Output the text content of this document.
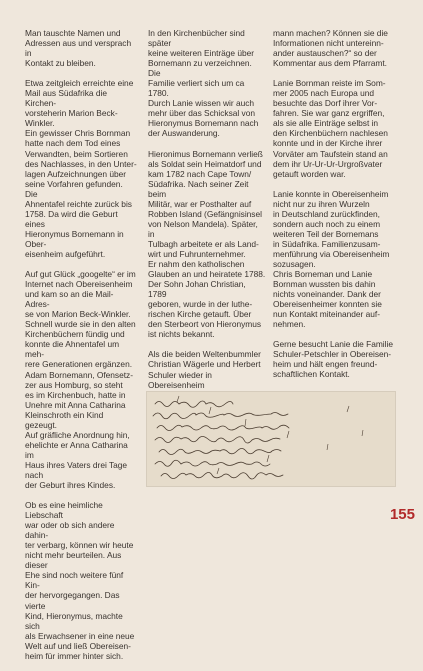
Man tauschte Namen und
Adressen aus und versprach in
Kontakt zu bleiben.

Etwa zeitgleich erreichte eine
Mail aus Südafrika die Kirchen-
vorsteherin Marion Beck-Winkler.
Ein gewisser Chris Bornman
hatte nach dem Tod eines
Verwandten, beim Sortieren
des Nachlasses, in den Unter-
lagen Aufzeichnungen über
seine Vorfahren gefunden. Die
Ahnentafel reichte zurück bis
1758. Da wird die Geburt eines
Hieronymus Bornemann in Ober-
eisenheim aufgeführt.

Auf gut Glück „googelte“ er im
Internet nach Obereisenheim
und kam so an die Mail-Adres-
se von Marion Beck-Winkler.
Schnell wurde sie in den alten
Kirchenbüchern fündig und
konnte die Ahnentafel um meh-
rere Generationen ergänzen.
Adam Bornemann, Ofensetz-
zer aus Homburg, so steht
es im Kirchenbuch, hatte in
Unehre mit Anna Catharina
Kleinschroth ein Kind gezeugt.
Auf gräfliche Anordnung hin,
ehelichte er Anna Catharina im
Haus ihres Vaters drei Tage nach
der Geburt ihres Kindes.

Ob es eine heimliche Liebschaft
war oder ob sich andere dahin-
ter verbarg, können wir heute
nicht mehr beurteilen. Aus dieser
Ehe sind noch weitere fünf Kin-
der hervorgegangen. Das vierte
Kind, Hieronymus, machte sich
als Erwachsener in eine neue
Welt auf und ließ Obereisen-
heim für immer hinter sich.

In den Kirchenbücher sind später
keine weiteren Einträge über
Bornemann zu verzeichnen. Die
Familie verliert sich um ca 1780.
Durch Lanie wissen wir auch
mehr über das Schicksal von
Hieronymus Bornemann nach
der Auswanderung.

Hieronimus Bornemann verließ
als Soldat sein Heimatdorf und
kam 1782 nach Cape Town/
Südafrika. Nach seiner Zeit beim
Militär, war er Posthalter auf
Robben Island (Gefängnisinsel
von Nelson Mandela). Später, in
Tulbagh arbeitete er als Land-
wirt und Fuhrunternehmer.
Er nahm den katholischen
Glauben an und heiratete 1788.
Der Sohn Johan Christian, 1789
geboren, wurde in der luthe-
rischen Kirche getauft. Über
den Sterbeort von Hieronymus
ist nichts bekannt.

Als die beiden Weltenbummler
Christian Wägerle und Herbert
Schuler wieder in Obereisenheim

mann machen? Können sie die
Informationen nicht untereinn-
ander austauschen?“ so der
Kommentar aus dem Pfarramt.

Lanie Bornman reiste im Som-
mer 2005 nach Europa und
besuchte das Dorf ihrer Vor-
fahren. Sie war ganz ergriffen,
als sie alle Einträge selbst in
den Kirchenbüchern nachlesen
konnte und in der Kirche ihrer
Vorväter am Taufstein stand an
dem ihr Ur-Ur-Ur-Urgroßvater
getauft worden war.

Lanie konnte in Obereisenheim
nicht nur zu ihren Wurzeln
in Deutschland zurückfinden,
sondern auch noch zu einem
weiteren Teil der Bornemans
in Südafrika. Familienzusam-
menführung via Obereisenheim
sozusagen.
Chris Borneman und Lanie
Bornman wussten bis dahin
nichts voneinander. Dank der
Obereisenheimer konnten sie
nun Kontakt miteinander auf-
nehmen.

Gerne besucht Lanie die Familie
Schuler-Petschler in Obereisen-
heim und hält engen freund-
schaftlichen Kontakt.

155
